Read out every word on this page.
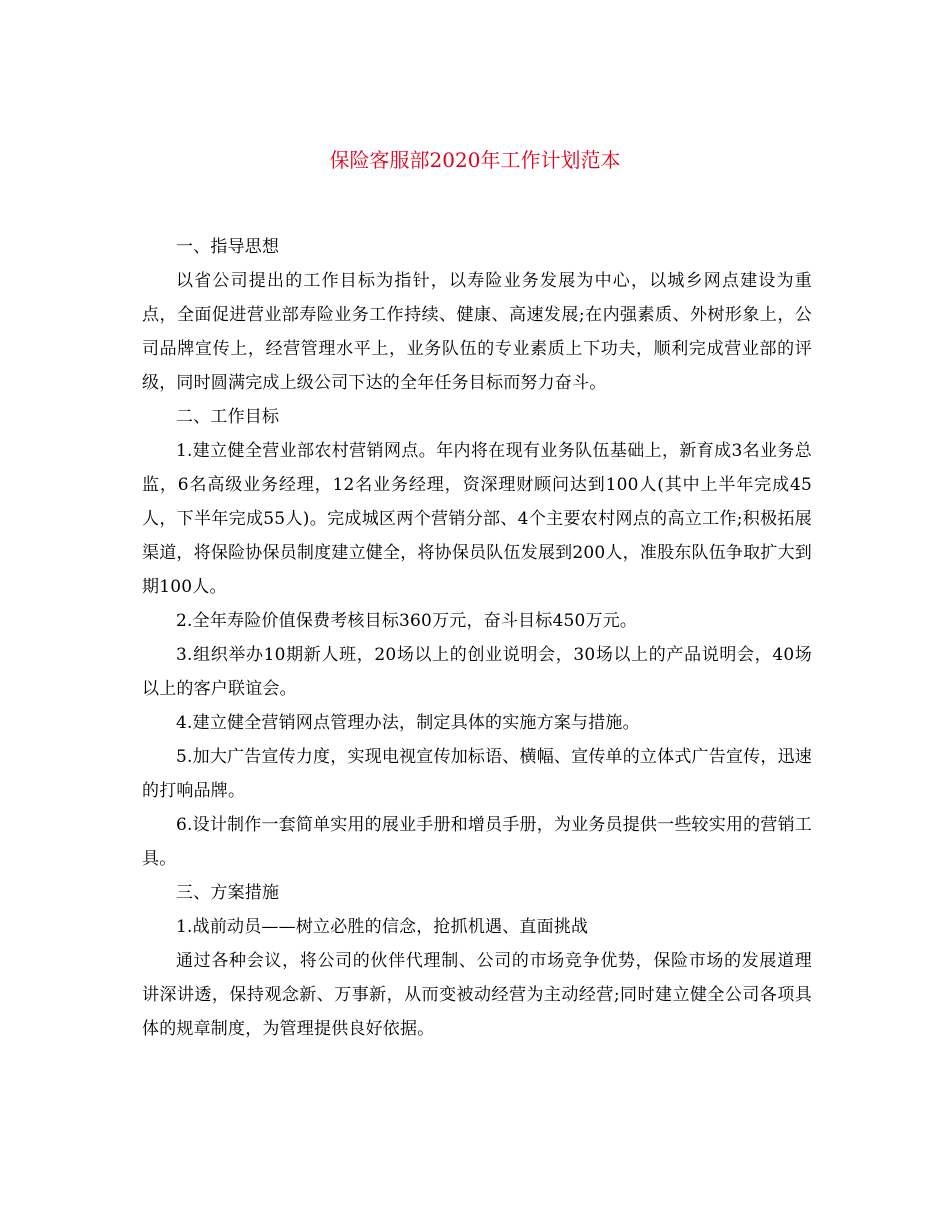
保险客服部2020年工作计划范本

一、指导思想

以省公司提出的工作目标为指针，以寿险业务发展为中心，以城乡网点建设为重点，全面促进营业部寿险业务工作持续、健康、高速发展;在内强素质、外树形象上，公司品牌宣传上，经营管理水平上，业务队伍的专业素质上下功夫，顺利完成营业部的评级，同时圆满完成上级公司下达的全年任务目标而努力奋斗。

二、工作目标

1.建立健全营业部农村营销网点。年内将在现有业务队伍基础上，新育成3名业务总监，6名高级业务经理，12名业务经理，资深理财顾问达到100人(其中上半年完成45人，下半年完成55人)。完成城区两个营销分部、4个主要农村网点的高立工作;积极拓展渠道，将保险协保员制度建立健全，将协保员队伍发展到200人，准股东队伍争取扩大到期100人。

2.全年寿险价值保费考核目标360万元，奋斗目标450万元。

3.组织举办10期新人班，20场以上的创业说明会，30场以上的产品说明会，40场以上的客户联谊会。

4.建立健全营销网点管理办法，制定具体的实施方案与措施。

5.加大广告宣传力度，实现电视宣传加标语、横幅、宣传单的立体式广告宣传，迅速的打响品牌。

6.设计制作一套简单实用的展业手册和增员手册，为业务员提供一些较实用的营销工具。

三、方案措施

1.战前动员——树立必胜的信念，抢抓机遇、直面挑战

通过各种会议，将公司的伙伴代理制、公司的市场竞争优势，保险市场的发展道理讲深讲透，保持观念新、万事新，从而变被动经营为主动经营;同时建立健全公司各项具体的规章制度，为管理提供良好依据。
